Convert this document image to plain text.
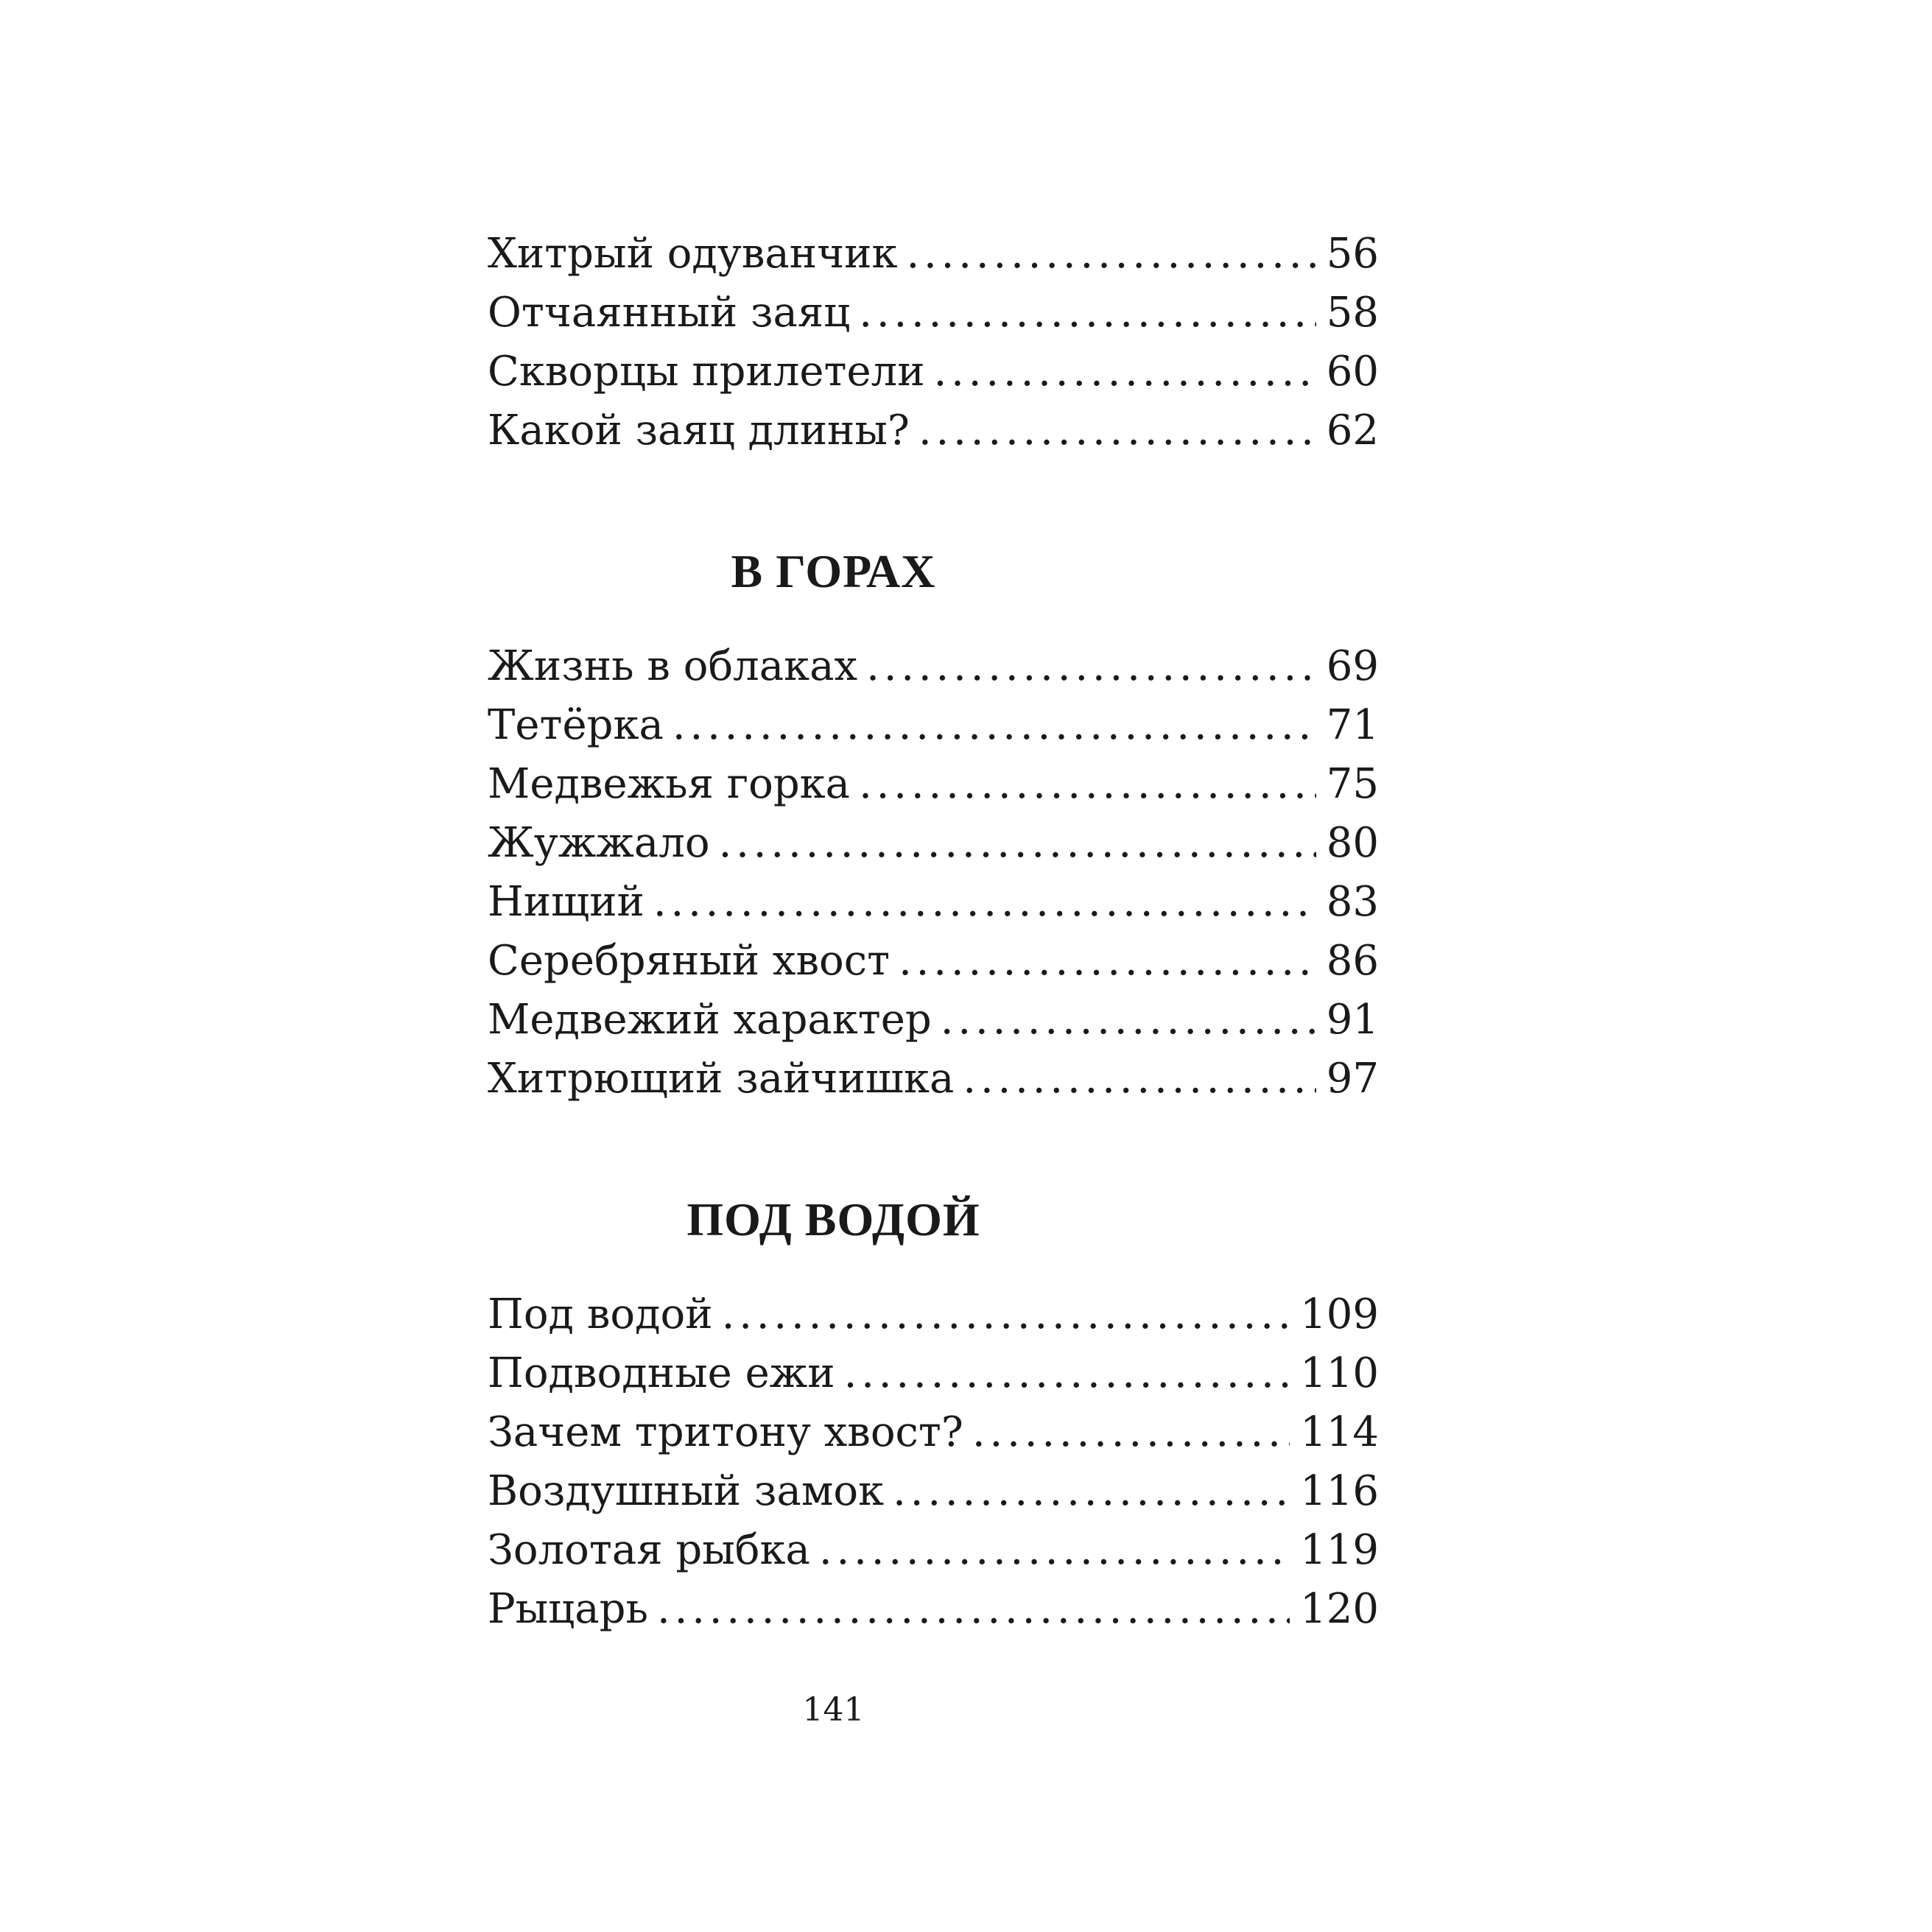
Хитрый одуванчик . . .	56
Отчаянный заяц . . .	58
Скворцы прилетели . . .	60
Какой заяц длины? . . .	62
В ГОРАХ
Жизнь в облаках . . .	69
Тетёрка . . .	71
Медвежья горка . . .	75
Жужжало . . .	80
Нищий . . .	83
Серебряный хвост . . .	86
Медвежий характер . . .	91
Хитрющий зайчишка . . .	97
ПОД ВОДОЙ
Под водой . . .	109
Подводные ежи . . .	110
Зачем тритону хвост? . . .	114
Воздушный замок . . .	116
Золотая рыбка . . .	119
Рыцарь . . .	120
141
